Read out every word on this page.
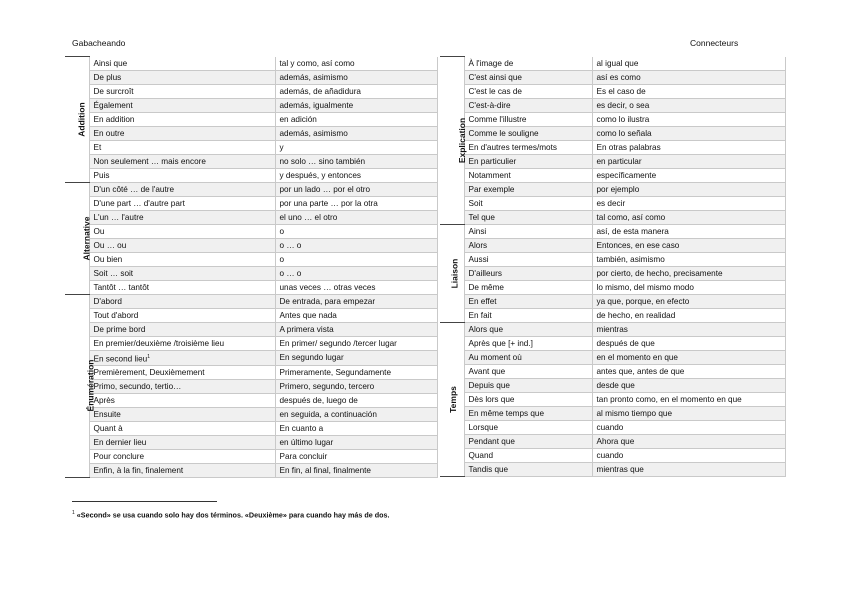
Gabacheando	Connecteurs
Addition	Ainsi que	tal y como, así como
	De plus	además, asimismo
	De surcroît	además, de añadidura
	Également	además, igualmente
	En addition	en adición
	En outre	además, asimismo
	Et	y
	Non seulement … mais encore	no solo … sino también
	Puis	y después, y entonces
Alternative	D'un côté … de l'autre	por un lado … por el otro
	D'une part … d'autre part	por una parte … por la otra
	L'un … l'autre	el uno … el otro
	Ou	o
	Ou … ou	o … o
	Ou bien	o
	Soit … soit	o … o
	Tantôt … tantôt	unas veces … otras veces
Énumération	D'abord	De entrada, para empezar
	Tout d'abord	Antes que nada
	De prime bord	A primera vista
	En premier/deuxième /troisième lieu	En primer/ segundo /tercer lugar
	En second lieu$^1$	En segundo lugar
	Premièrement, Deuxièmement	Primeramente, Segundamente
	Primo, secundo, tertio…	Primero, segundo, tercero
	Après	después de, luego de
	Ensuite	en seguida, a continuación
	Quant à	En cuanto a
	En dernier lieu	en último lugar
	Pour conclure	Para concluir
	Enfin, à la fin, finalement	En fin, al final, finalmente
Explication	À l'image de	al igual que
	C'est ainsi que	así es como
	C'est le cas de	Es el caso de
	C'est-à-dire	es decir, o sea
	Comme l'illustre	como lo ilustra
	Comme le souligne	como lo señala
	En d'autres termes/mots	En otras palabras
	En particulier	en particular
	Notamment	específicamente
	Par exemple	por ejemplo
	Soit	es decir
	Tel que	tal como, así como
Liaison	Ainsi	así, de esta manera
	Alors	Entonces, en ese caso
	Aussi	también, asimismo
	D'ailleurs	por cierto, de hecho, precisamente
	De même	lo mismo, del mismo modo
	En effet	ya que, porque, en efecto
	En fait	de hecho, en realidad
Temps	Alors que	mientras
	Après que [+ ind.]	después de que
	Au moment où	en el momento en que
	Avant que	antes que, antes de que
	Depuis que	desde que
	Dès lors que	tan pronto como, en el momento en que
	En même temps que	al mismo tiempo que
	Lorsque	cuando
	Pendant que	Ahora que
	Quand	cuando
	Tandis que	mientras que
$^1$ «Second» se usa cuando solo hay dos términos. «Deuxième» para cuando hay más de dos.
